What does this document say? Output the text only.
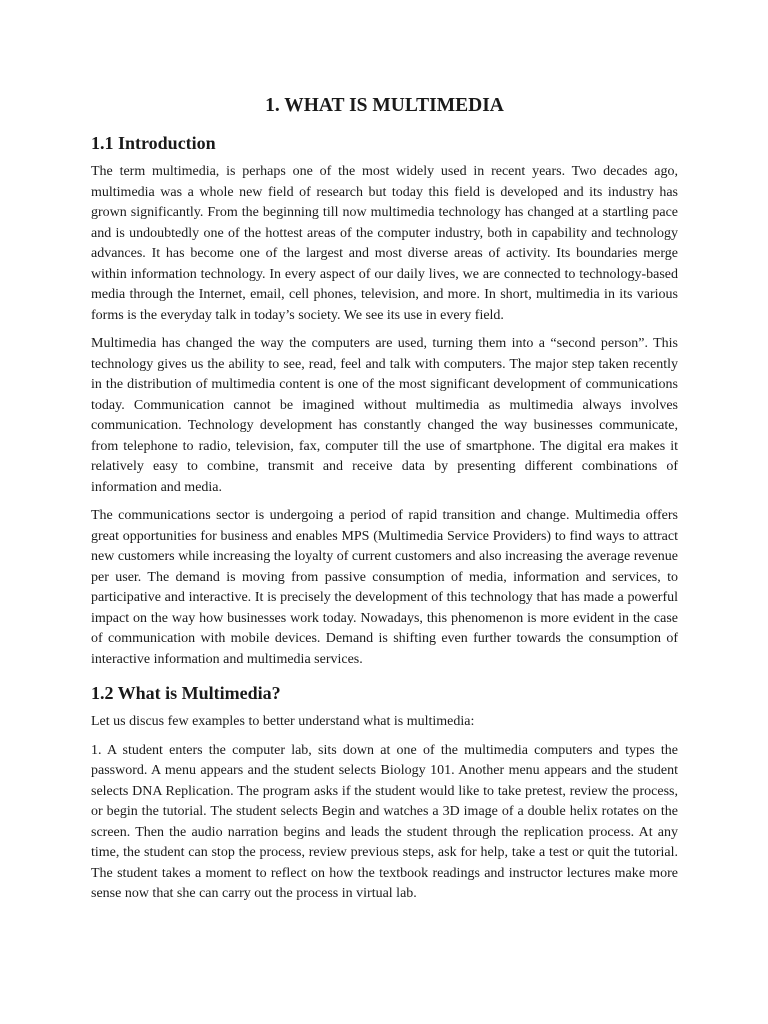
1. WHAT IS MULTIMEDIA
1.1 Introduction

The term multimedia, is perhaps one of the most widely used in recent years. Two decades ago, multimedia was a whole new field of research but today this field is developed and its industry has grown significantly. From the beginning till now multimedia technology has changed at a startling pace and is undoubtedly one of the hottest areas of the computer industry, both in capability and technology advances. It has become one of the largest and most diverse areas of activity. Its boundaries merge within information technology. In every aspect of our daily lives, we are connected to technology-based media through the Internet, email, cell phones, television, and more. In short, multimedia in its various forms is the everyday talk in today’s society. We see its use in every field.

Multimedia has changed the way the computers are used, turning them into a “second person”. This technology gives us the ability to see, read, feel and talk with computers. The major step taken recently in the distribution of multimedia content is one of the most significant development of communications today. Communication cannot be imagined without multimedia as multimedia always involves communication. Technology development has constantly changed the way businesses communicate, from telephone to radio, television, fax, computer till the use of smartphone. The digital era makes it relatively easy to combine, transmit and receive data by presenting different combinations of information and media.

The communications sector is undergoing a period of rapid transition and change. Multimedia offers great opportunities for business and enables MPS (Multimedia Service Providers) to find ways to attract new customers while increasing the loyalty of current customers and also increasing the average revenue per user. The demand is moving from passive consumption of media, information and services, to participative and interactive. It is precisely the development of this technology that has made a powerful impact on the way how businesses work today. Nowadays, this phenomenon is more evident in the case of communication with mobile devices. Demand is shifting even further towards the consumption of interactive information and multimedia services.

1.2 What is Multimedia?

Let us discus few examples to better understand what is multimedia:

1. A student enters the computer lab, sits down at one of the multimedia computers and types the password. A menu appears and the student selects Biology 101. Another menu appears and the student selects DNA Replication. The program asks if the student would like to take pretest, review the process, or begin the tutorial. The student selects Begin and watches a 3D image of a double helix rotates on the screen. Then the audio narration begins and leads the student through the replication process. At any time, the student can stop the process, review previous steps, ask for help, take a test or quit the tutorial. The student takes a moment to reflect on how the textbook readings and instructor lectures make more sense now that she can carry out the process in virtual lab.
